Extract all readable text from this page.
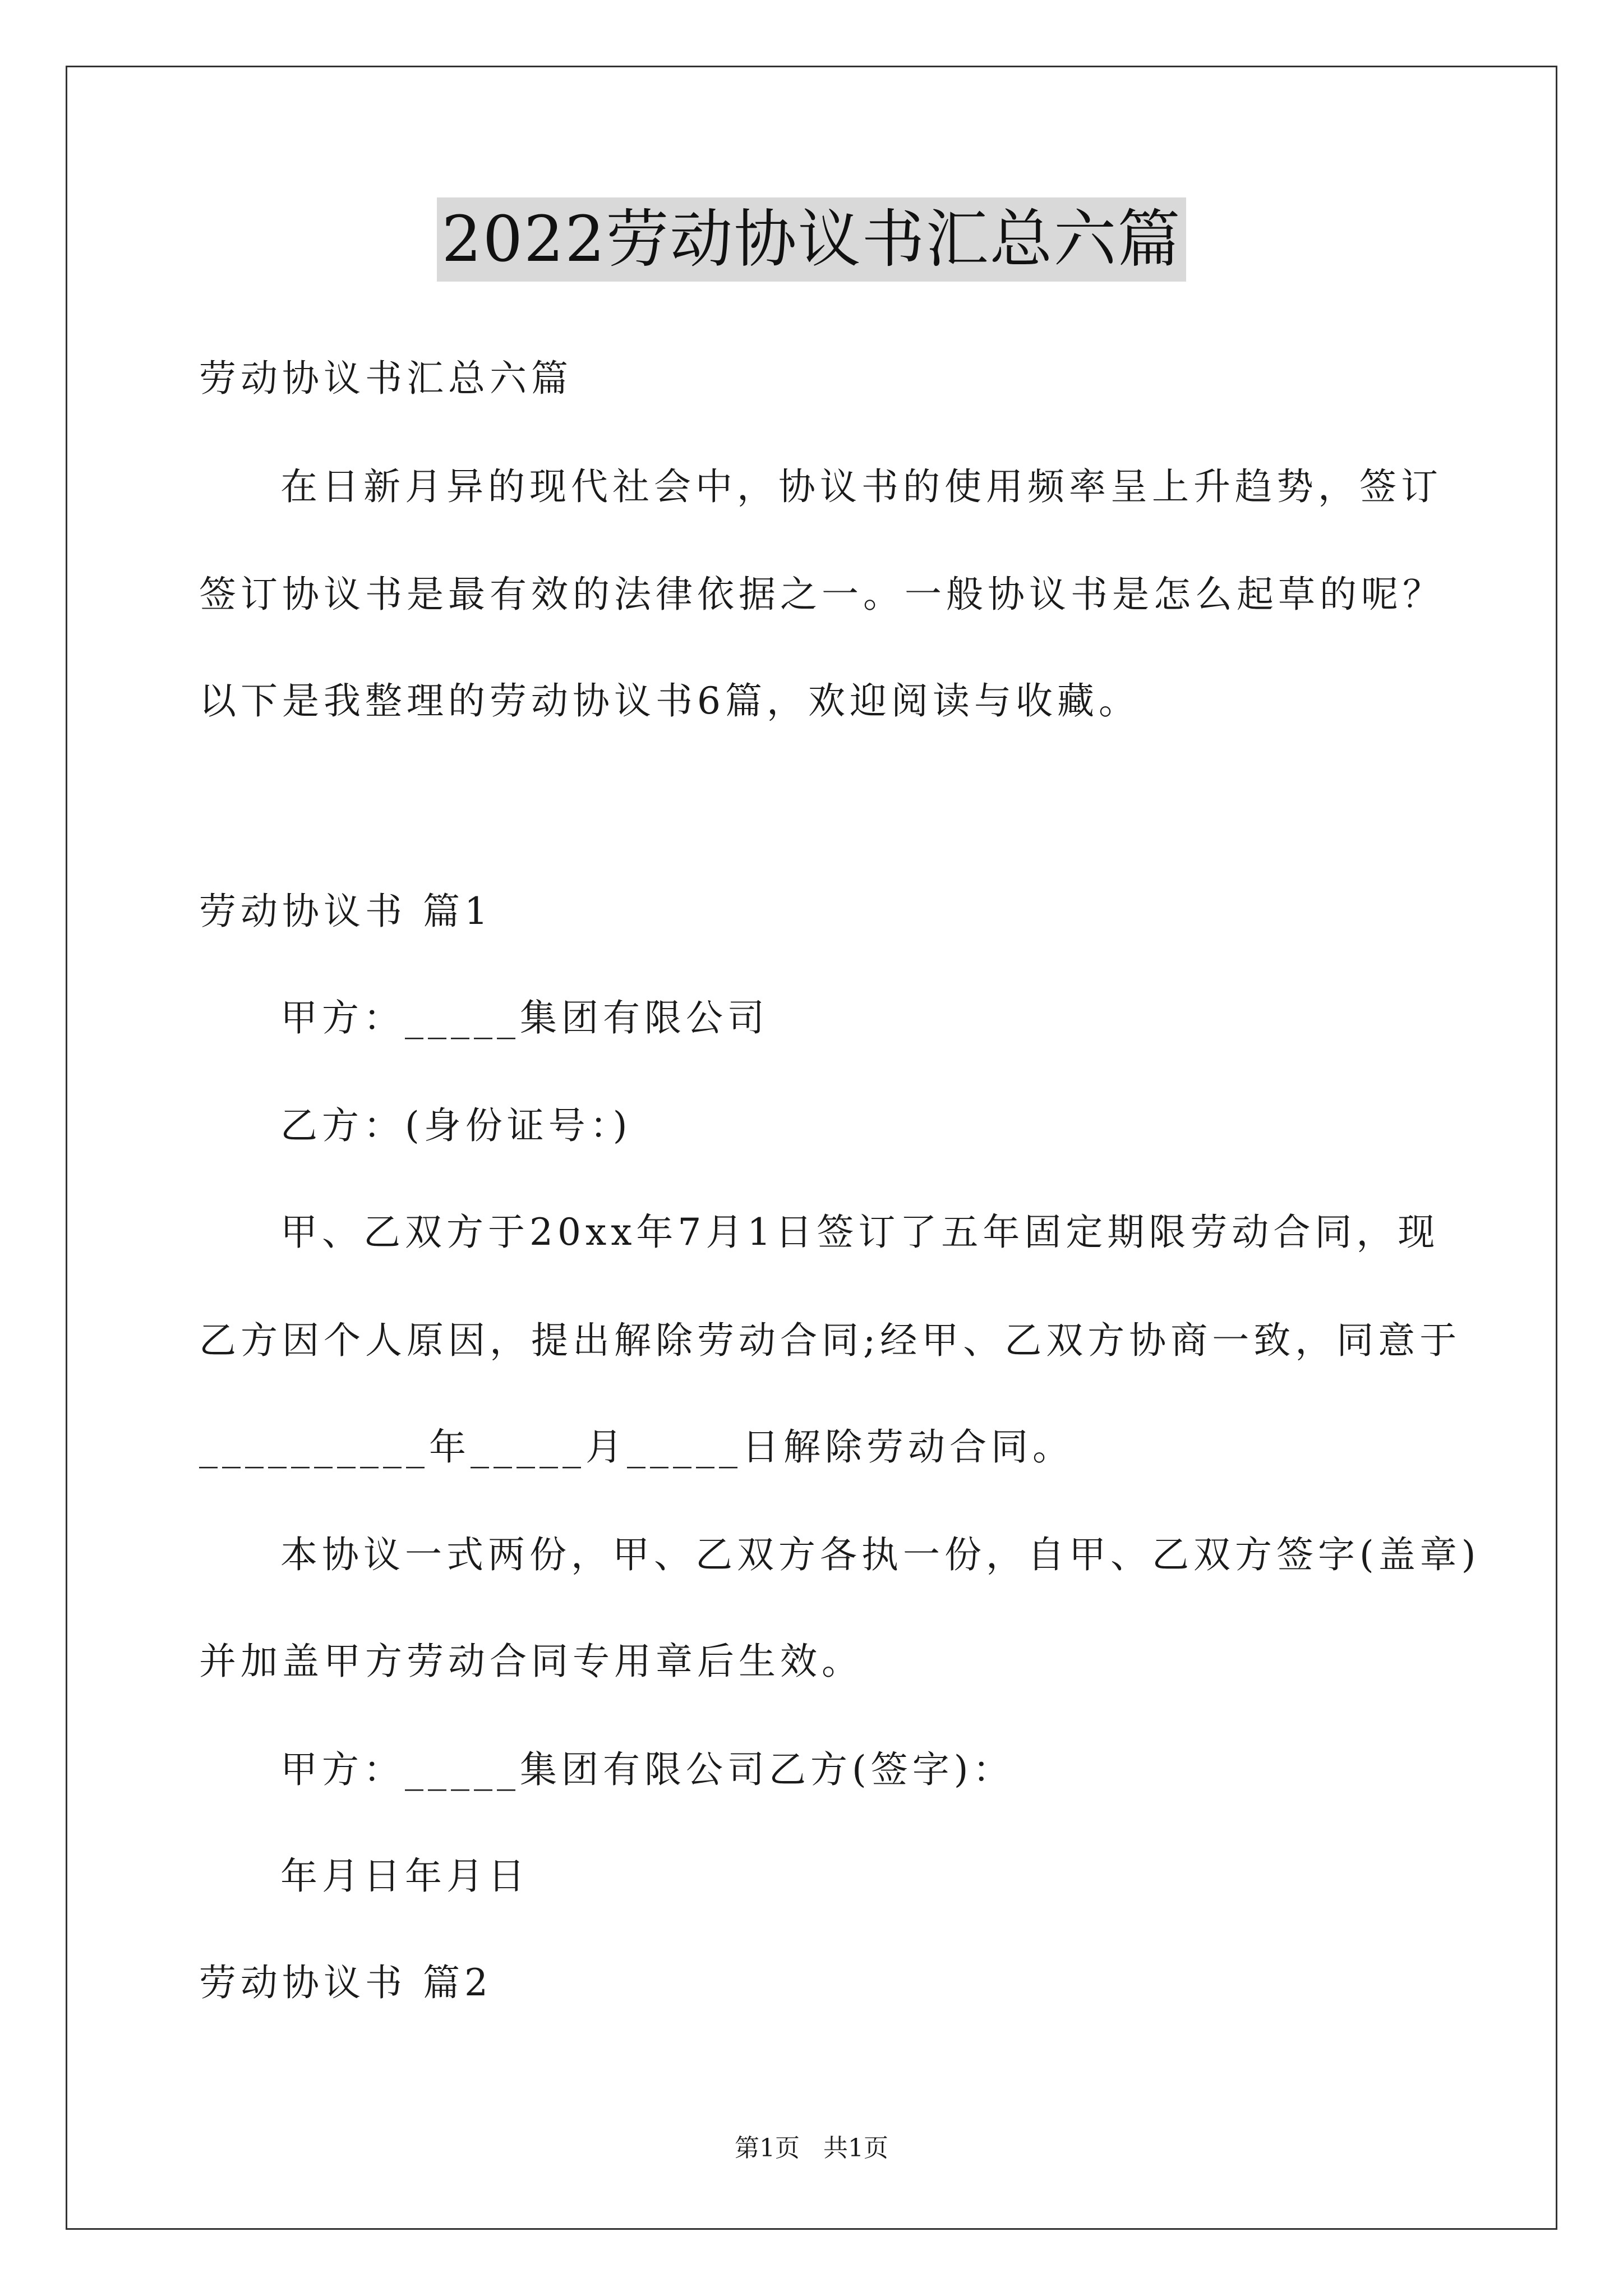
2022劳动协议书汇总六篇
劳动协议书汇总六篇
在日新月异的现代社会中，协议书的使用频率呈上升趋势，签订
签订协议书是最有效的法律依据之一。一般协议书是怎么起草的呢？
以下是我整理的劳动协议书6篇，欢迎阅读与收藏。
劳动协议书 篇1
甲方：_____集团有限公司
乙方：(身份证号：)
甲、乙双方于20xx年7月1日签订了五年固定期限劳动合同，现
乙方因个人原因，提出解除劳动合同;经甲、乙双方协商一致，同意于
__________年_____月_____日解除劳动合同。
本协议一式两份，甲、乙双方各执一份，自甲、乙双方签字(盖章)
并加盖甲方劳动合同专用章后生效。
甲方：_____集团有限公司乙方(签字)：
年月日年月日
劳动协议书 篇2
第1页   共1页
